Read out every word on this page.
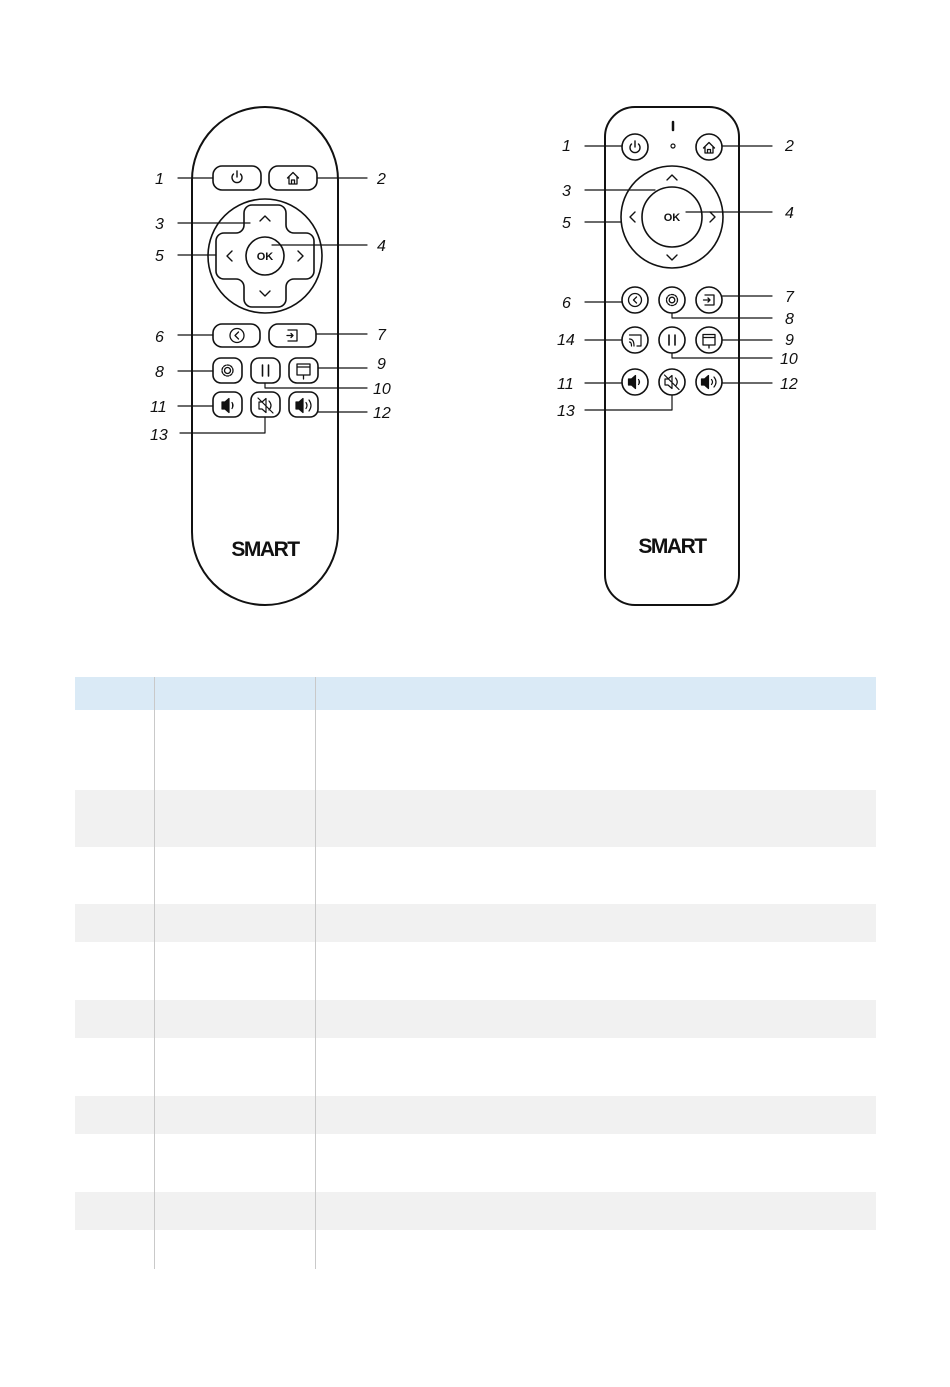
OK
OK
SMART	SMART
1	2
3
4
5
6	7
8	9
10
11	12
13
1	2
3
4
5
6	7
8
9
10
11	12
13
14
